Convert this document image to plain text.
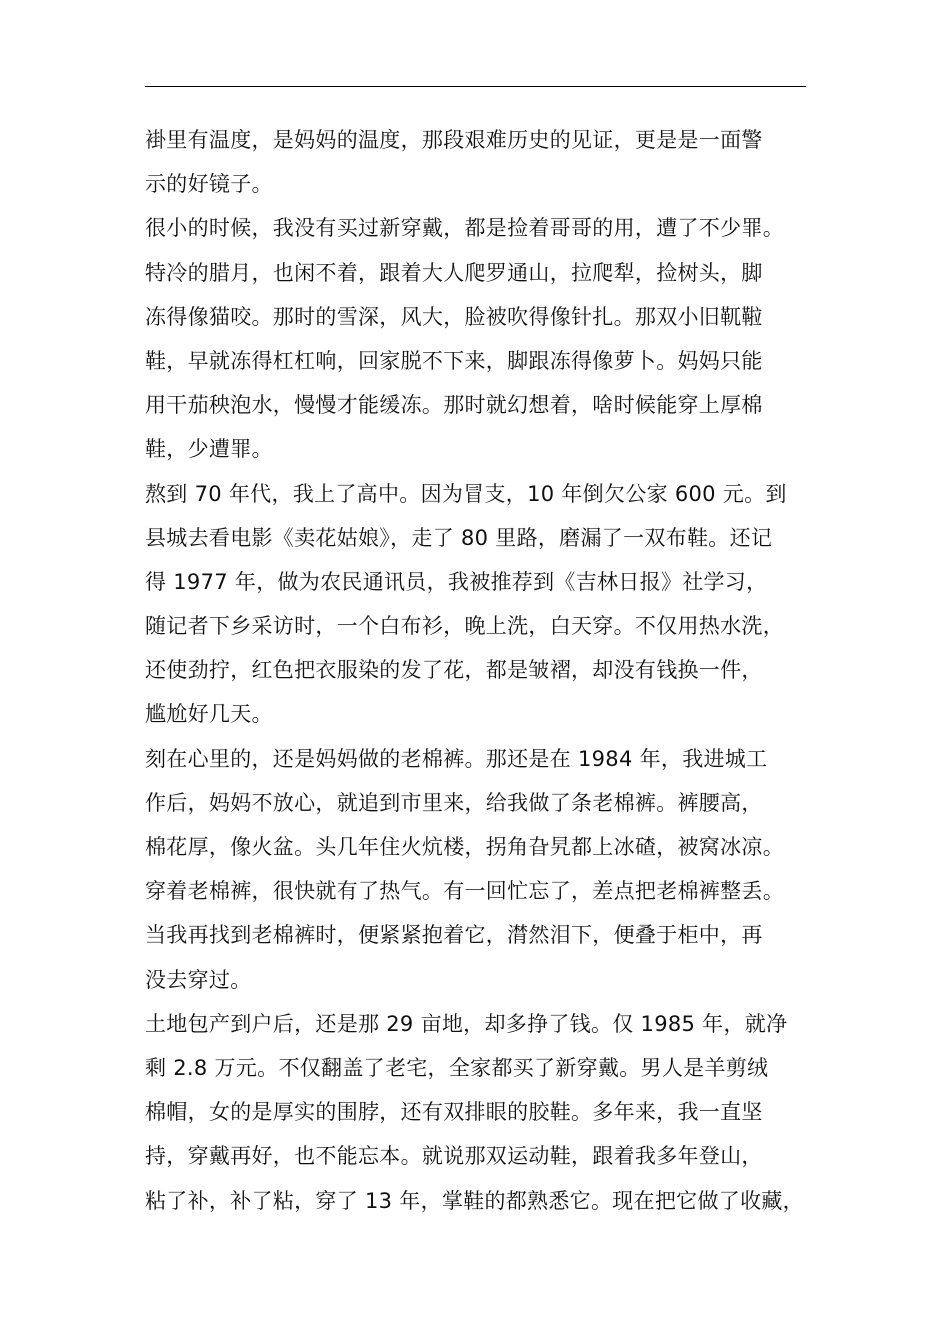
褂里有温度，是妈妈的温度，那段艰难历史的见证，更是是一面警
示的好镜子。
很小的时候，我没有买过新穿戴，都是捡着哥哥的用，遭了不少罪。
特冷的腊月，也闲不着，跟着大人爬罗通山，拉爬犁，捡树头，脚
冻得像猫咬。那时的雪深，风大，脸被吹得像针扎。那双小旧靰鞡
鞋，早就冻得杠杠响，回家脱不下来，脚跟冻得像萝卜。妈妈只能
用干茄秧泡水，慢慢才能缓冻。那时就幻想着，啥时候能穿上厚棉
鞋，少遭罪。
熬到 70 年代，我上了高中。因为冒支，10 年倒欠公家 600 元。到
县城去看电影《卖花姑娘》，走了 80 里路，磨漏了一双布鞋。还记
得 1977 年，做为农民通讯员，我被推荐到《吉林日报》社学习，
随记者下乡采访时，一个白布衫，晚上洗，白天穿。不仅用热水洗，
还使劲拧，红色把衣服染的发了花，都是皱褶，却没有钱换一件，
尴尬好几天。
刻在心里的，还是妈妈做的老棉裤。那还是在 1984 年，我进城工
作后，妈妈不放心，就追到市里来，给我做了条老棉裤。裤腰高，
棉花厚，像火盆。头几年住火炕楼，拐角旮旯都上冰碴，被窝冰凉。
穿着老棉裤，很快就有了热气。有一回忙忘了，差点把老棉裤整丢。
当我再找到老棉裤时，便紧紧抱着它，潸然泪下，便叠于柜中，再
没去穿过。
土地包产到户后，还是那 29 亩地，却多挣了钱。仅 1985 年，就净
剩 2.8 万元。不仅翻盖了老宅，全家都买了新穿戴。男人是羊剪绒
棉帽，女的是厚实的围脖，还有双排眼的胶鞋。多年来，我一直坚
持，穿戴再好，也不能忘本。就说那双运动鞋，跟着我多年登山，
粘了补，补了粘，穿了 13 年，掌鞋的都熟悉它。现在把它做了收藏，
